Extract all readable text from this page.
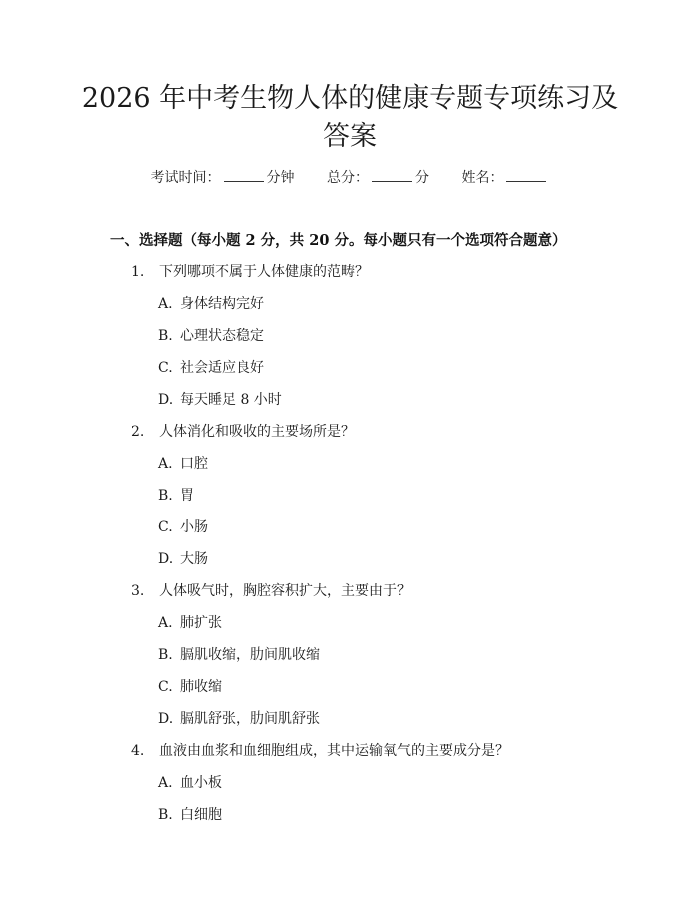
2026 年中考生物人体的健康专题专项练习及
答案
考试时间：	分钟 总分：	分 姓名：
一、选择题（每小题 2 分，共 20 分。每小题只有一个选项符合题意）
1. 下列哪项不属于人体健康的范畴？
A. 身体结构完好
B. 心理状态稳定
C. 社会适应良好
D. 每天睡足 8 小时
2. 人体消化和吸收的主要场所是？
A. 口腔
B. 胃
C. 小肠
D. 大肠
3. 人体吸气时，胸腔容积扩大，主要由于？
A. 肺扩张
B. 膈肌收缩，肋间肌收缩
C. 肺收缩
D. 膈肌舒张，肋间肌舒张
4. 血液由血浆和血细胞组成，其中运输氧气的主要成分是？
A. 血小板
B. 白细胞
